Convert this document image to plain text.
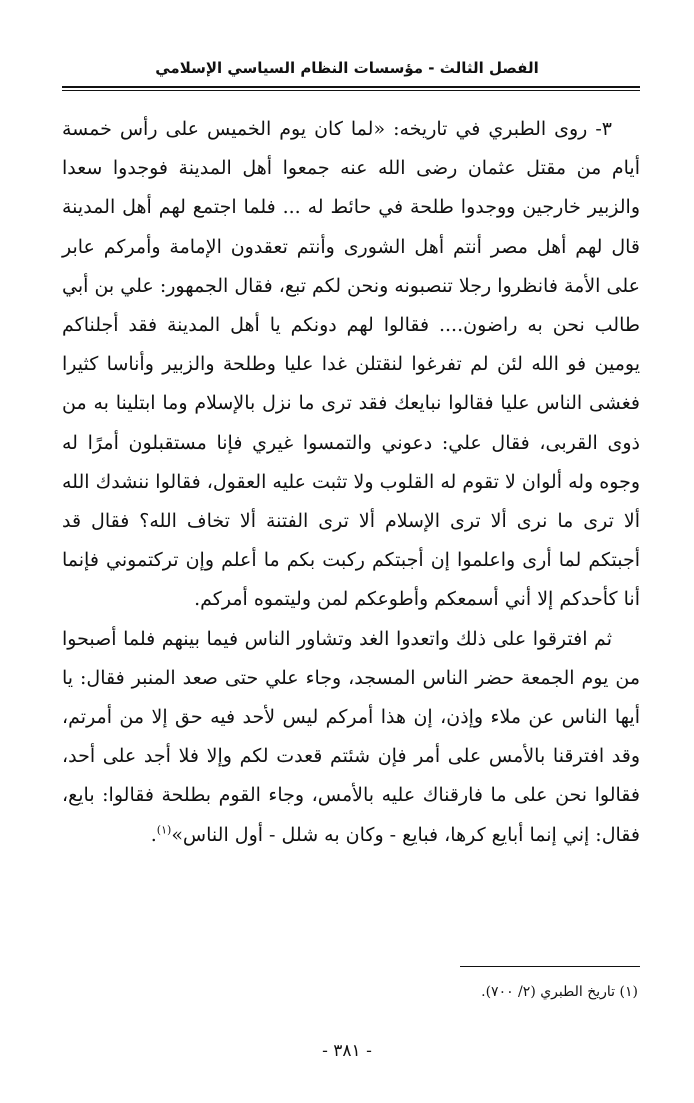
الفصل الثالث - مؤسسات النظام السياسي الإسلامي

٣- روى الطبري في تاريخه: «لما كان يوم الخميس على رأس خمسة أيام من مقتل عثمان رضى الله عنه جمعوا أهل المدينة فوجدوا سعدا والزبير خارجين ووجدوا طلحة في حائط له ... فلما اجتمع لهم أهل المدينة قال لهم أهل مصر أنتم أهل الشورى وأنتم تعقدون الإمامة وأمركم عابر على الأمة فانظروا رجلا تنصبونه ونحن لكم تبع، فقال الجمهور: علي بن أبي طالب نحن به راضون.... فقالوا لهم دونكم يا أهل المدينة فقد أجلناكم يومين فو الله لئن لم تفرغوا لنقتلن غدا عليا وطلحة والزبير وأناسا كثيرا فغشى الناس عليا فقالوا نبايعك فقد ترى ما نزل بالإسلام وما ابتلينا به من ذوى القربى، فقال علي: دعوني والتمسوا غيري فإنا مستقبلون أمرًا له وجوه وله ألوان لا تقوم له القلوب ولا تثبت عليه العقول، فقالوا ننشدك الله ألا ترى ما نرى ألا ترى الإسلام ألا ترى الفتنة ألا تخاف الله؟ فقال قد أجبتكم لما أرى واعلموا إن أجبتكم ركبت بكم ما أعلم وإن تركتموني فإنما أنا كأحدكم إلا أني أسمعكم وأطوعكم لمن وليتموه أمركم.

ثم افترقوا على ذلك واتعدوا الغد وتشاور الناس فيما بينهم فلما أصبحوا من يوم الجمعة حضر الناس المسجد، وجاء علي حتى صعد المنبر فقال: يا أيها الناس عن ملاء وإذن، إن هذا أمركم ليس لأحد فيه حق إلا من أمرتم، وقد افترقنا بالأمس على أمر فإن شئتم قعدت لكم وإلا فلا أجد على أحد، فقالوا نحن على ما فارقناك عليه بالأمس، وجاء القوم بطلحة فقالوا: بايع، فقال: إني إنما أبايع كرها، فبايع - وكان به شلل - أول الناس»$^{(١)}$.

(١) تاريخ الطبري (٢/ ٧٠٠).
- ٣٨١ -
